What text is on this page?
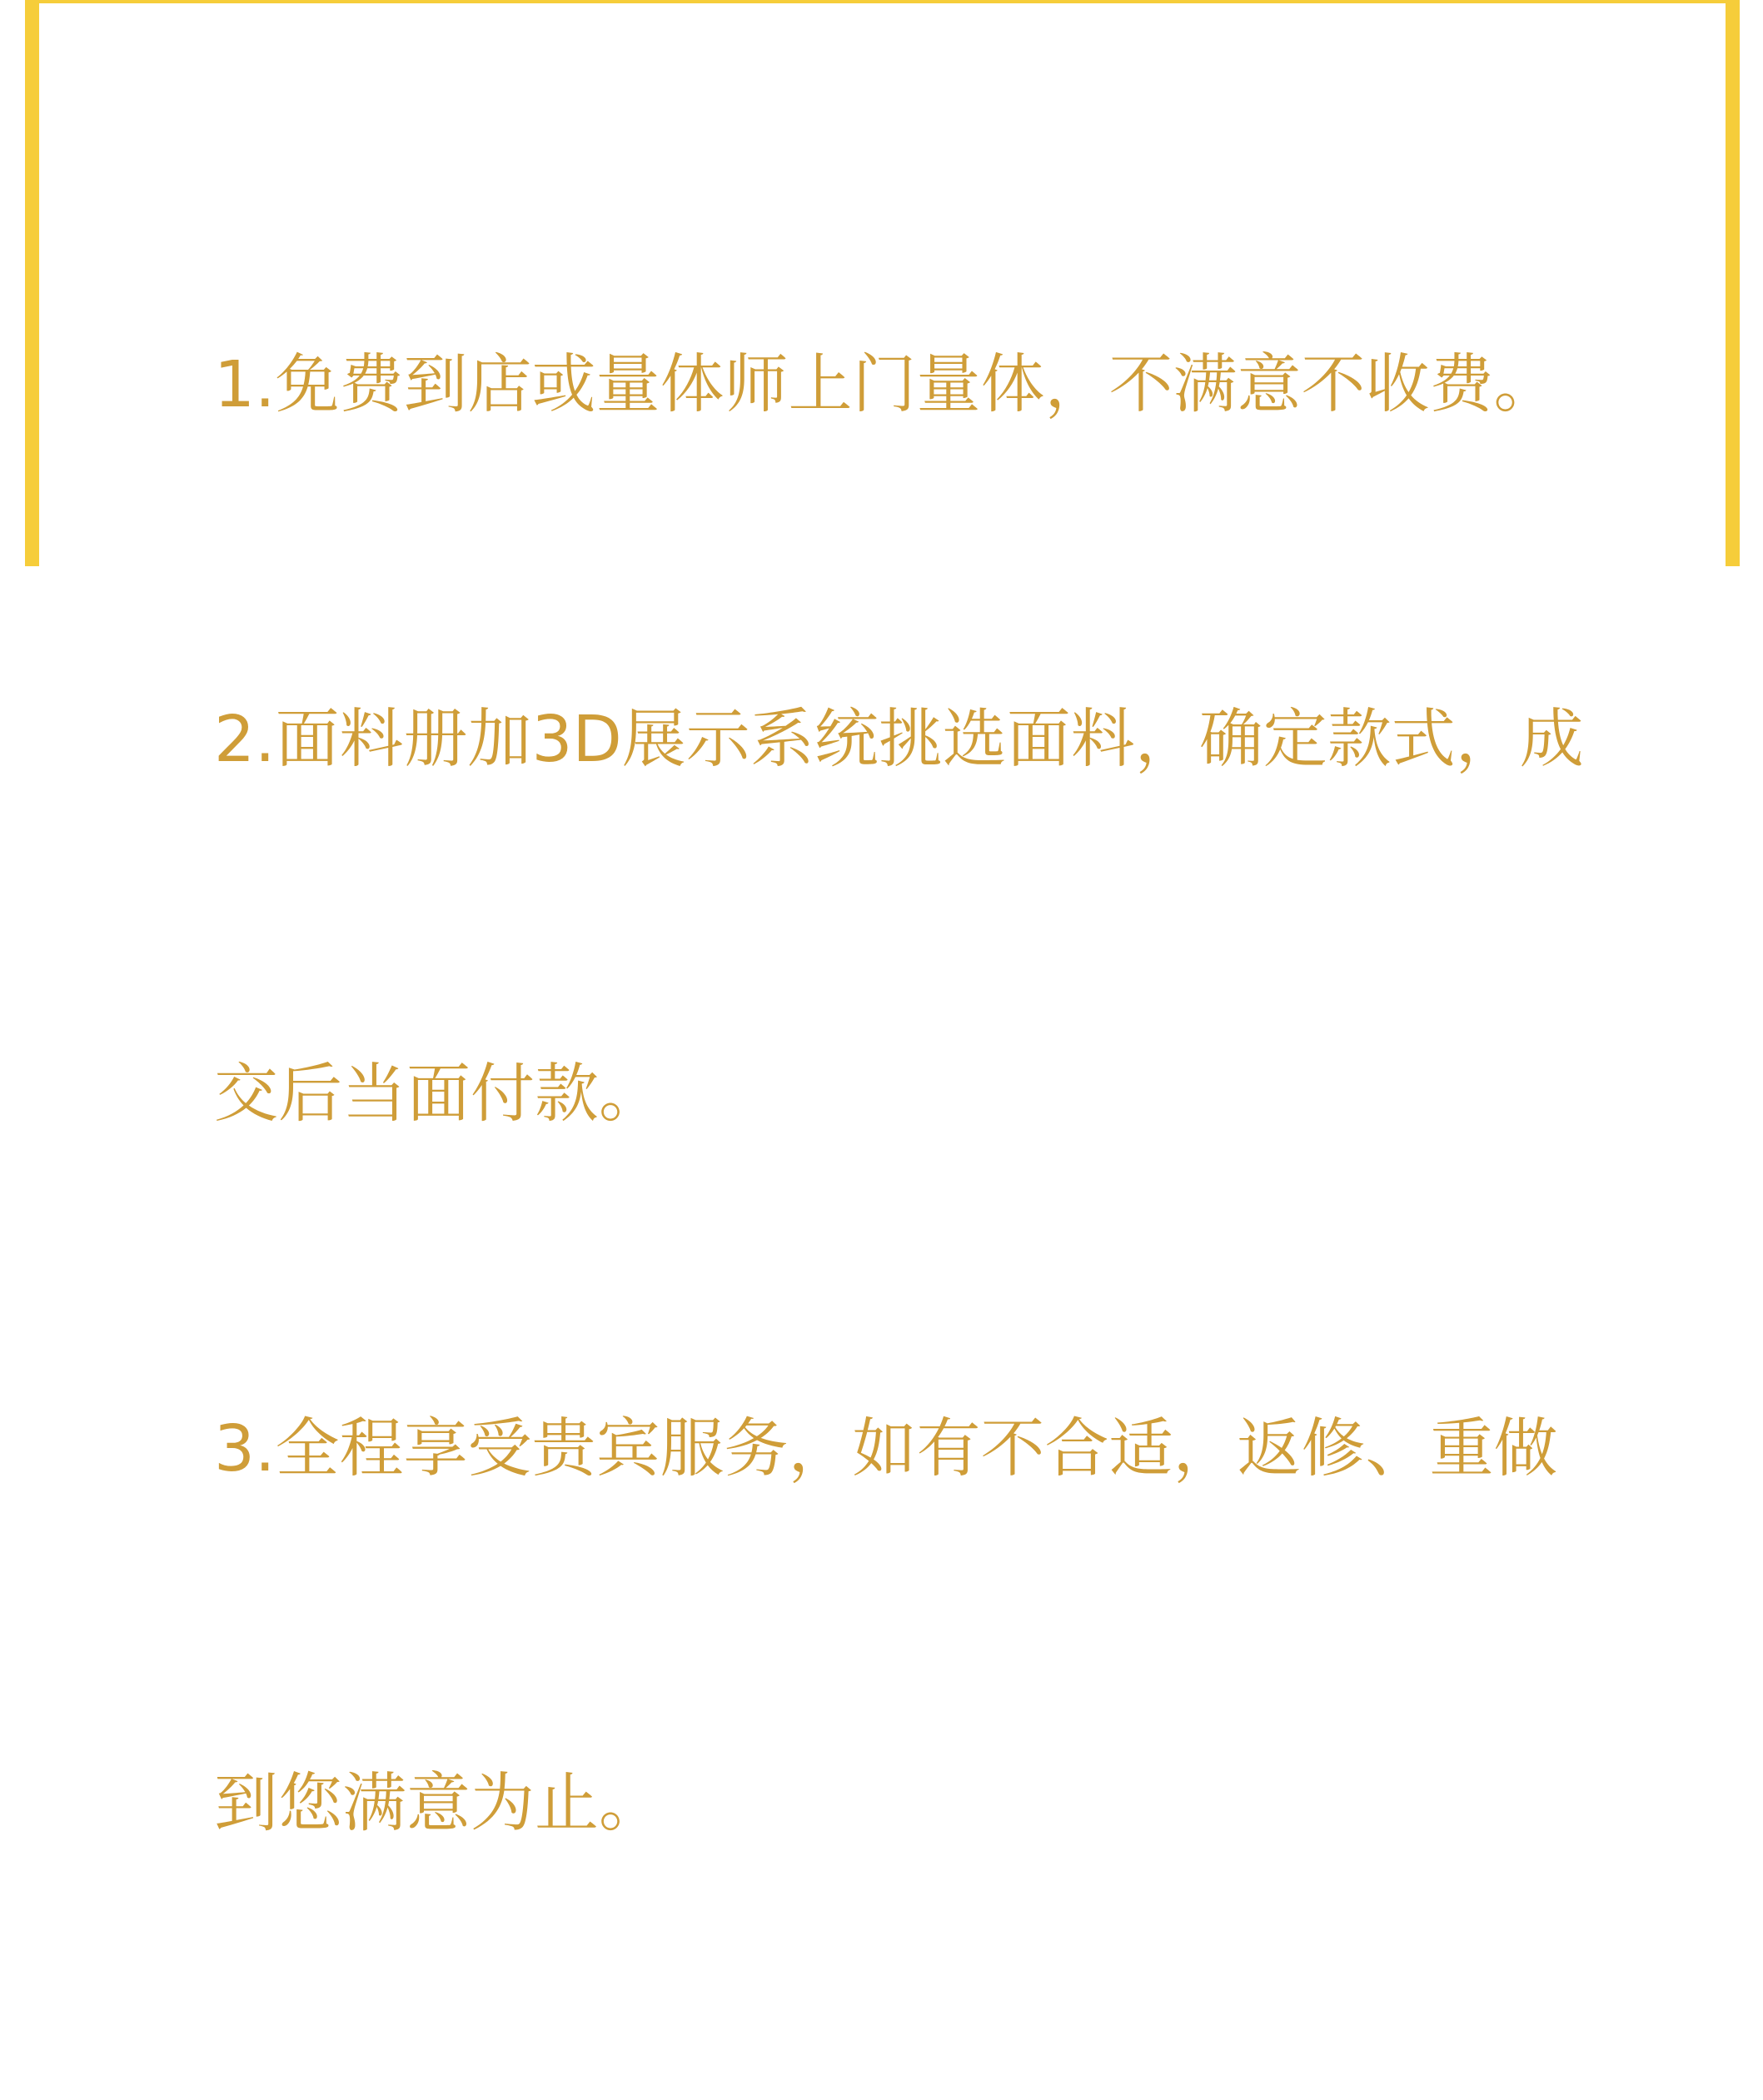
1.免费到店或量体师上门量体，不满意不收费。

2.面料册加3D展示系统挑选面料，确定款式，成

交后当面付款。

3.全程享受贵宾服务，如有不合适，返修、重做

到您满意为止。
